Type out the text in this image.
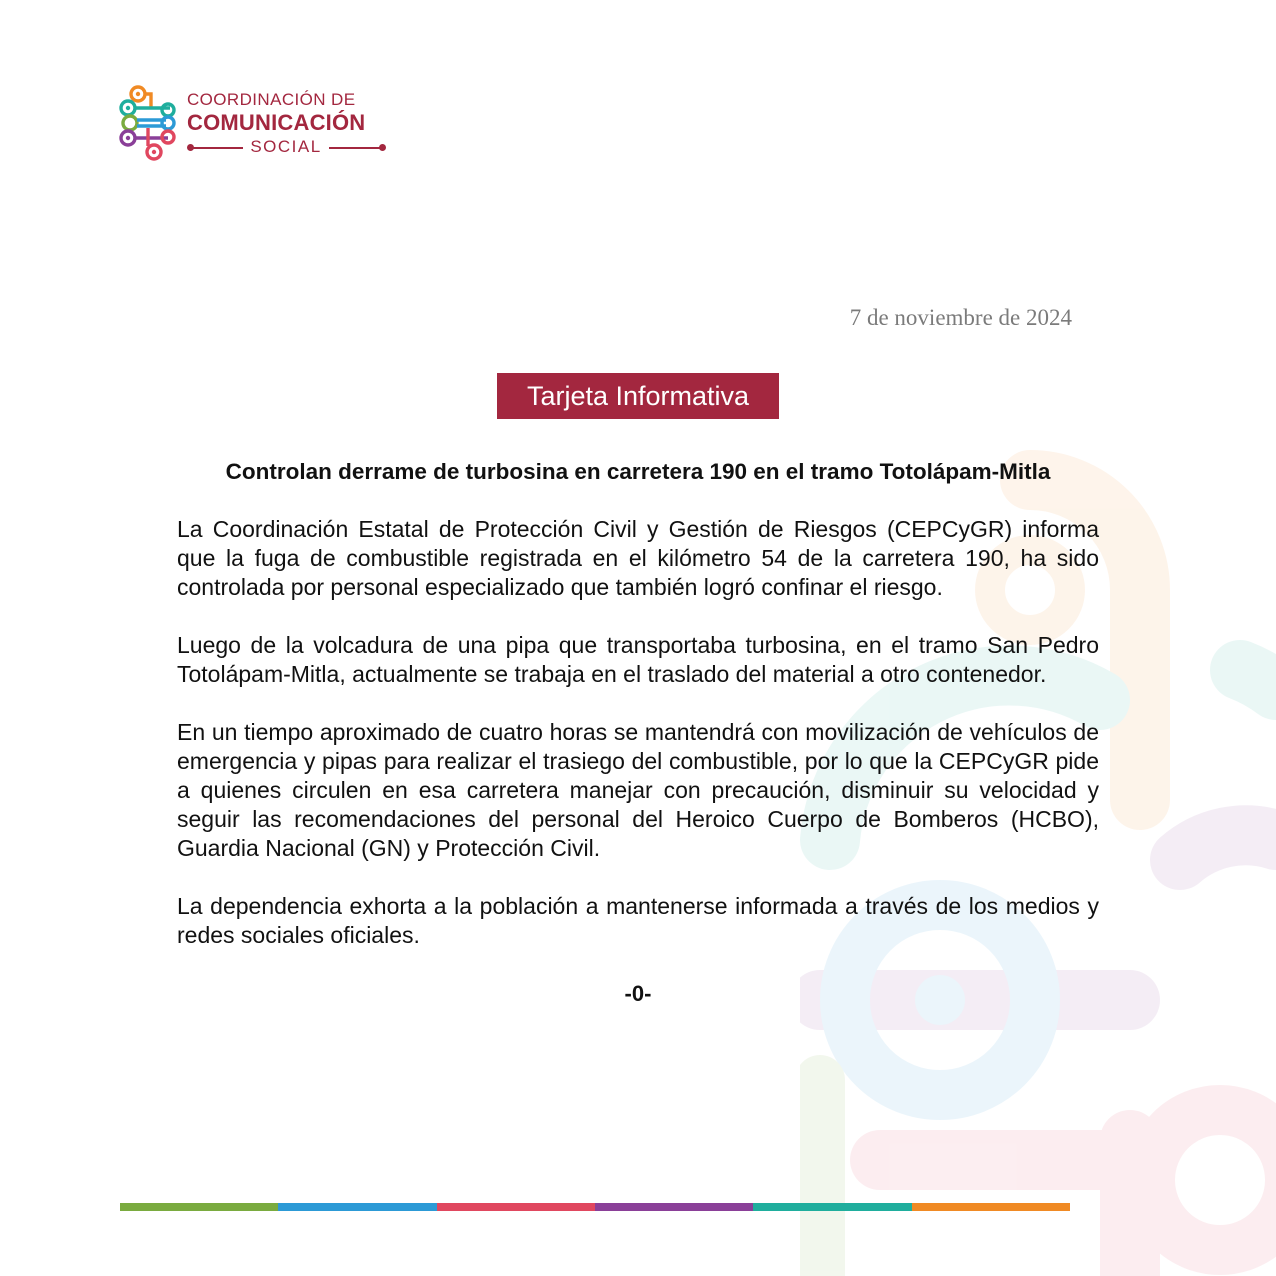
COORDINACIÓN DE
COMUNICACIÓN
SOCIAL
7 de noviembre de 2024
Tarjeta Informativa

Controlan derrame de turbosina en carretera 190 en el tramo Totolápam-Mitla

La Coordinación Estatal de Protección Civil y Gestión de Riesgos (CEPCyGR) informa que la fuga de combustible registrada en el kilómetro 54 de la carretera 190, ha sido controlada por personal especializado que también logró confinar el riesgo.

Luego de la volcadura de una pipa que transportaba turbosina, en el tramo San Pedro Totolápam-Mitla, actualmente se trabaja en el traslado del material a otro contenedor.

En un tiempo aproximado de cuatro horas se mantendrá con movilización de vehículos de emergencia y pipas para realizar el trasiego del combustible, por lo que la CEPCyGR pide a quienes circulen en esa carretera manejar con precaución, disminuir su velocidad y seguir las recomendaciones del personal del Heroico Cuerpo de Bomberos (HCBO), Guardia Nacional (GN) y Protección Civil.

La dependencia exhorta a la población a mantenerse informada a través de los medios y redes sociales oficiales.

-0-
